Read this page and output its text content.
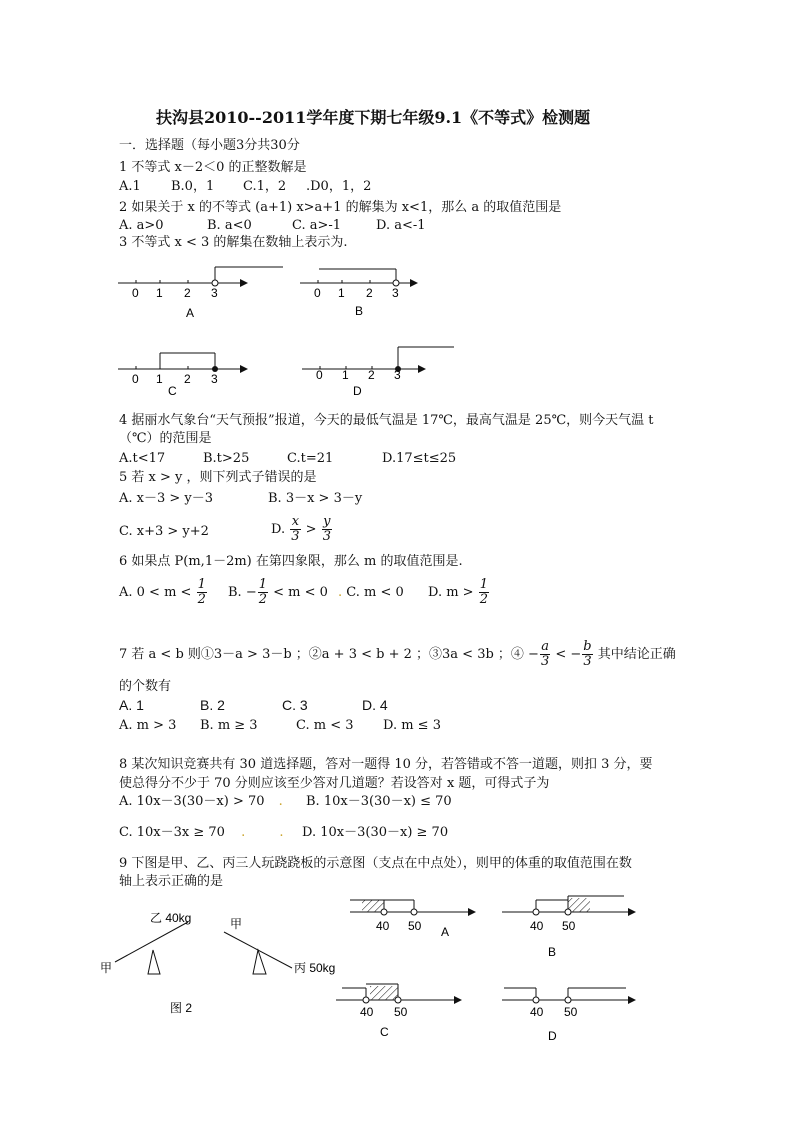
扶沟县2010--2011学年度下期七年级9.1《不等式》检测题
一．选择题（每小题3分共30分
1 不等式 x－2＜0 的正整数解是
A.1 B.0，1 C.1，2 .D0，1，2
2 如果关于 x 的不等式 (a+1) x>a+1 的解集为 x<1，那么 a 的取值范围是
A. a>0	B. a<0	C. a>-1	D. a<-1
3 不等式 x < 3 的解集在数轴上表示为.
0 1 2 3
A
0 1 2 3
B
0 1 2 3
C
0 1 2 3
D
4 据丽水气象台“天气预报”报道，今天的最低气温是 17℃，最高气温是 25℃，则今天气温 t
（℃）的范围是
A.t<17	B.t>25	C.t=21	D.17≤t≤25
5 若 x > y ，则下列式子错误的是
A. x－3 > y－3	B. 3－x > 3－y
C. x+3 > y+2	D. $\frac{x}{3} > \frac{y}{3}$
6 如果点 P(m,1－2m) 在第四象限，那么 m 的取值范围是.
A. $0 < m < \frac{1}{2} B$. − $\frac{1}{2} < m < 0$ . C. m < 0 D. $m > \frac{1}{2}$
7 若 a < b 则①3－a > 3－b ；②a + 3 < b + 2 ；③3a < 3b ；④ − $\frac{a}{3}$ < − $\frac{b}{3}$ 其中结论正确
的个数有
A. 1	B. 2	C. 3	D. 4
A. m > 3 B. m ≥ 3	C. m < 3 D. m ≤ 3
8 某次知识竞赛共有 30 道选择题，答对一题得 10 分，若答错或不答一道题，则扣 3 分，要
使总得分不少于 70 分则应该至少答对几道题？若设答对 x 题，可得式子为
A. 10x－3(30－x) > 70 . B. 10x－3(30－x) ≤ 70
C. 10x－3x ≥ 70 .	. D. 10x－3(30－x) ≥ 70
9 下图是甲、乙、丙三人玩跷跷板的示意图（支点在中点处），则甲的体重的取值范围在数
轴上表示正确的是
乙 40kg
甲
甲
丙 50kg
图 2
40 50 A	40 50
B
40 50
C
40 50
D
